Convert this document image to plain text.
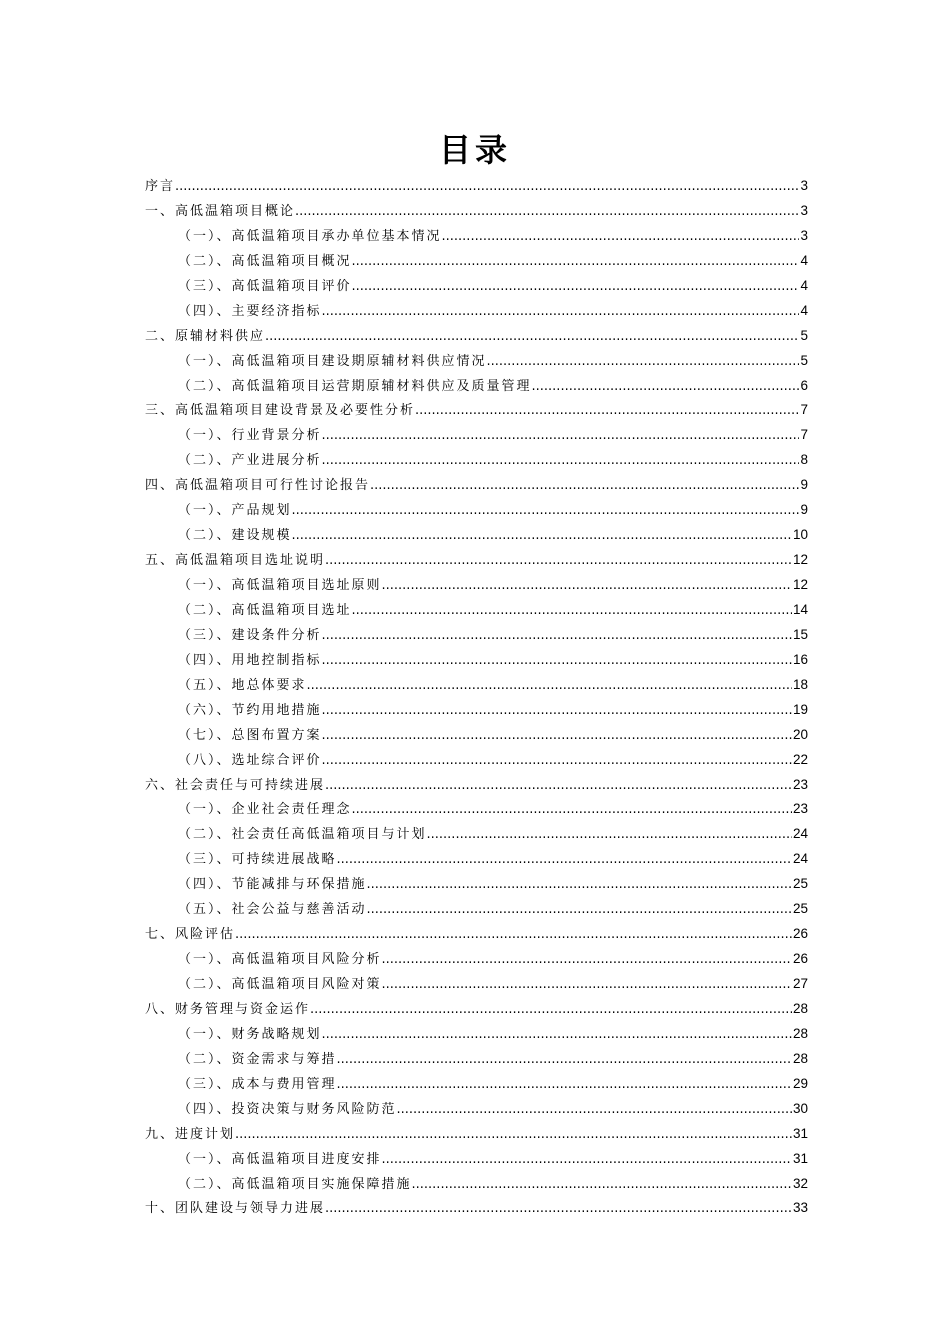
目录
序言 .....	3
一、高低温箱项目概论 .....	3
（一）、高低温箱项目承办单位基本情况 .....	3
（二）、高低温箱项目概况 .....	4
（三）、高低温箱项目评价 .....	4
（四）、主要经济指标 .....	4
二、原辅材料供应 .....	5
（一）、高低温箱项目建设期原辅材料供应情况 .....	5
（二）、高低温箱项目运营期原辅材料供应及质量管理 .....	6
三、高低温箱项目建设背景及必要性分析 .....	7
（一）、行业背景分析 .....	7
（二）、产业进展分析 .....	8
四、高低温箱项目可行性讨论报告 .....	9
（一）、产品规划 .....	9
（二）、建设规模 .....	10
五、高低温箱项目选址说明 .....	12
（一）、高低温箱项目选址原则 .....	12
（二）、高低温箱项目选址 .....	14
（三）、建设条件分析 .....	15
（四）、用地控制指标 .....	16
（五）、地总体要求 .....	18
（六）、节约用地措施 .....	19
（七）、总图布置方案 .....	20
（八）、选址综合评价 .....	22
六、社会责任与可持续进展 .....	23
（一）、企业社会责任理念 .....	23
（二）、社会责任高低温箱项目与计划 .....	24
（三）、可持续进展战略 .....	24
（四）、节能减排与环保措施 .....	25
（五）、社会公益与慈善活动 .....	25
七、风险评估 .....	26
（一）、高低温箱项目风险分析 .....	26
（二）、高低温箱项目风险对策 .....	27
八、财务管理与资金运作 .....	28
（一）、财务战略规划 .....	28
（二）、资金需求与筹措 .....	28
（三）、成本与费用管理 .....	29
（四）、投资决策与财务风险防范 .....	30
九、进度计划 .....	31
（一）、高低温箱项目进度安排 .....	31
（二）、高低温箱项目实施保障措施 .....	32
十、团队建设与领导力进展 .....	33
